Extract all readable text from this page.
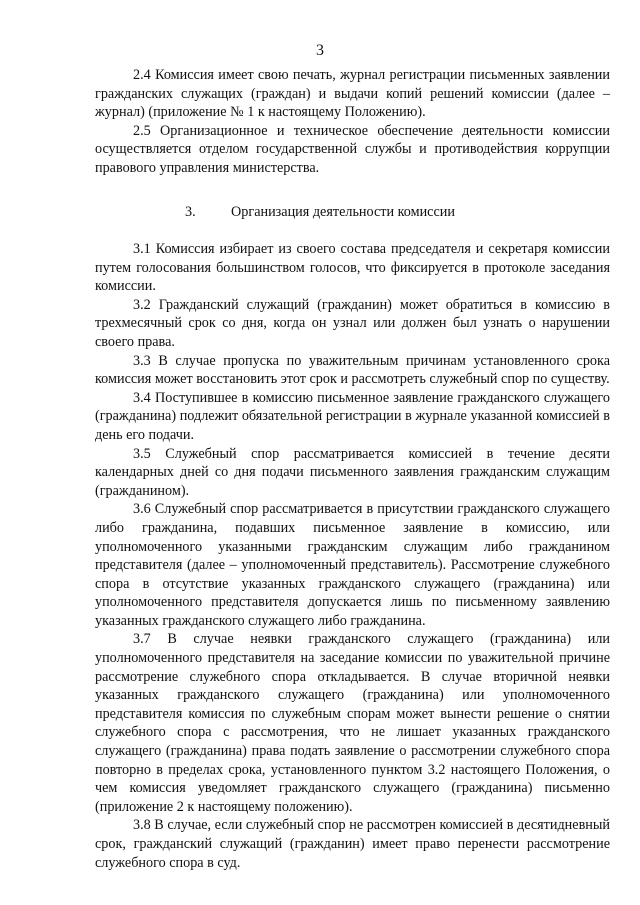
3

2.4 Комиссия имеет свою печать, журнал регистрации письменных заявлении гражданских служащих (граждан) и выдачи копий решений комиссии (далее – журнал) (приложение № 1 к настоящему Положению).

2.5 Организационное и техническое обеспечение деятельности комиссии осуществляется отделом государственной службы и противодействия коррупции правового управления министерства.

3. Организация деятельности комиссии

3.1 Комиссия избирает из своего состава председателя и секретаря комиссии путем голосования большинством голосов, что фиксируется в протоколе заседания комиссии.

3.2 Гражданский служащий (гражданин) может обратиться в комиссию в трехмесячный срок со дня, когда он узнал или должен был узнать о нарушении своего права.

3.3 В случае пропуска по уважительным причинам установленного срока комиссия может восстановить этот срок и рассмотреть служебный спор по существу.

3.4 Поступившее в комиссию письменное заявление гражданского служащего (гражданина) подлежит обязательной регистрации в журнале указанной комиссией в день его подачи.

3.5 Служебный спор рассматривается комиссией в течение десяти календарных дней со дня подачи письменного заявления гражданским служащим (гражданином).

3.6 Служебный спор рассматривается в присутствии гражданского служащего либо гражданина, подавших письменное заявление в комиссию, или уполномоченного указанными гражданским служащим либо гражданином представителя (далее – уполномоченный представитель). Рассмотрение служебного спора в отсутствие указанных гражданского служащего (гражданина) или уполномоченного представителя допускается лишь по письменному заявлению указанных гражданского служащего либо гражданина.

3.7 В случае неявки гражданского служащего (гражданина) или уполномоченного представителя на заседание комиссии по уважительной причине рассмотрение служебного спора откладывается. В случае вторичной неявки указанных гражданского служащего (гражданина) или уполномоченного представителя комиссия по служебным спорам может вынести решение о снятии служебного спора с рассмотрения, что не лишает указанных гражданского служащего (гражданина) права подать заявление о рассмотрении служебного спора повторно в пределах срока, установленного пунктом 3.2 настоящего Положения, о чем комиссия уведомляет гражданского служащего (гражданина) письменно (приложение 2 к настоящему положению).

3.8 В случае, если служебный спор не рассмотрен комиссией в десятидневный срок, гражданский служащий (гражданин) имеет право перенести рассмотрение служебного спора в суд.
